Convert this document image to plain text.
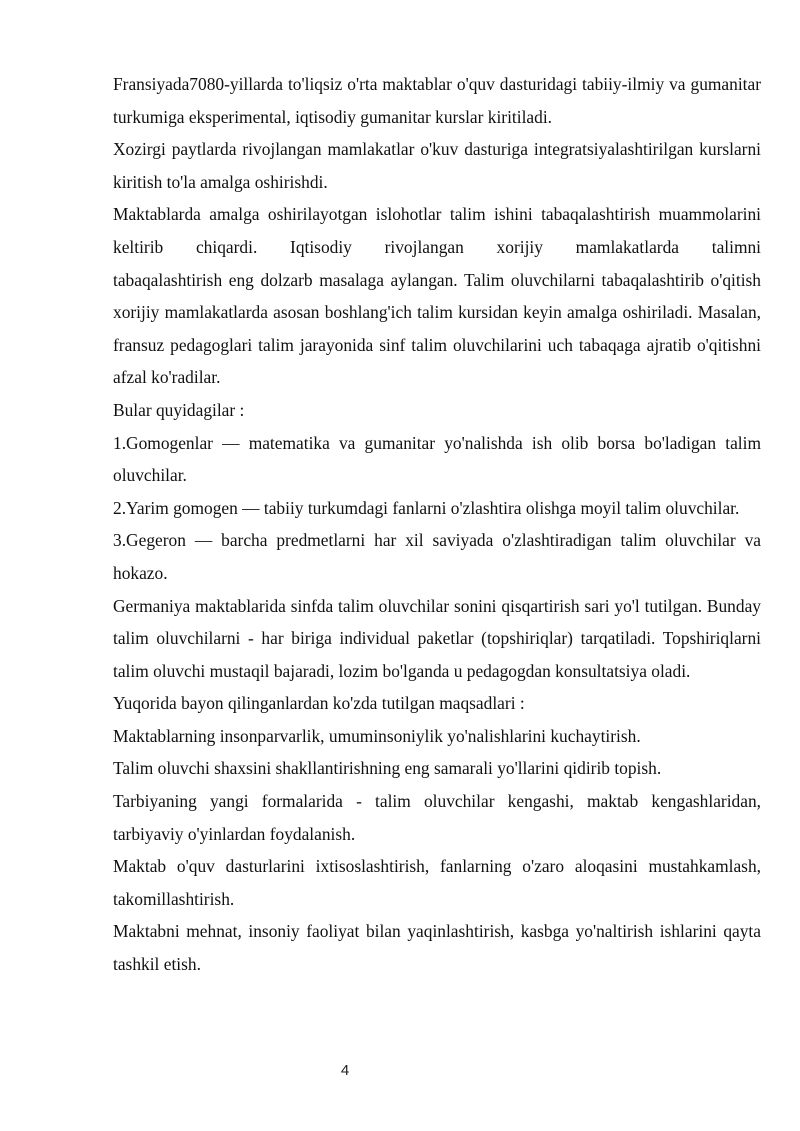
Fransiyada7080-yillarda to'liqsiz o'rta maktablar o'quv dasturidagi tabiiy-ilmiy va gumanitar turkumiga eksperimental, iqtisodiy gumanitar kurslar kiritiladi.

Xozirgi paytlarda rivojlangan mamlakatlar o'kuv dasturiga integratsiyalashtirilgan kurslarni kiritish to'la amalga oshirishdi.

Maktablarda amalga oshirilayotgan islohotlar talim ishini tabaqalashtirish muammolarini keltirib chiqardi. Iqtisodiy rivojlangan xorijiy mamlakatlarda talimni

tabaqalashtirish eng dolzarb masalaga aylangan. Talim oluvchilarni tabaqalashtirib o'qitish xorijiy mamlakatlarda asosan boshlang'ich talim kursidan keyin amalga oshiriladi. Masalan, fransuz pedagoglari talim jarayonida sinf talim oluvchilarini uch tabaqaga ajratib o'qitishni afzal ko'radilar.

Bular quyidagilar :

1.Gomogenlar — matematika va gumanitar yo'nalishda ish olib borsa bo'ladigan talim oluvchilar.

2.Yarim gomogen — tabiiy turkumdagi fanlarni o'zlashtira olishga moyil talim oluvchilar.

3.Gegeron — barcha predmetlarni har xil saviyada o'zlashtiradigan talim oluvchilar va hokazo.

Germaniya maktablarida sinfda talim oluvchilar sonini qisqartirish sari yo'l tutilgan. Bunday talim oluvchilarni - har biriga individual paketlar (topshiriqlar) tarqatiladi. Topshiriqlarni talim oluvchi mustaqil bajaradi, lozim bo'lganda u pedagogdan konsultatsiya oladi.

Yuqorida bayon qilinganlardan ko'zda tutilgan maqsadlari :

Maktablarning insonparvarlik, umuminsoniylik yo'nalishlarini kuchaytirish.

Talim oluvchi shaxsini shakllantirishning eng samarali yo'llarini qidirib topish.

Tarbiyaning yangi formalarida - talim oluvchilar kengashi, maktab kengashlaridan, tarbiyaviy o'yinlardan foydalanish.

Maktab o'quv dasturlarini ixtisoslashtirish, fanlarning o'zaro aloqasini mustahkamlash, takomillashtirish.

Maktabni mehnat, insoniy faoliyat bilan yaqinlashtirish, kasbga yo'naltirish ishlarini qayta tashkil etish.

4
